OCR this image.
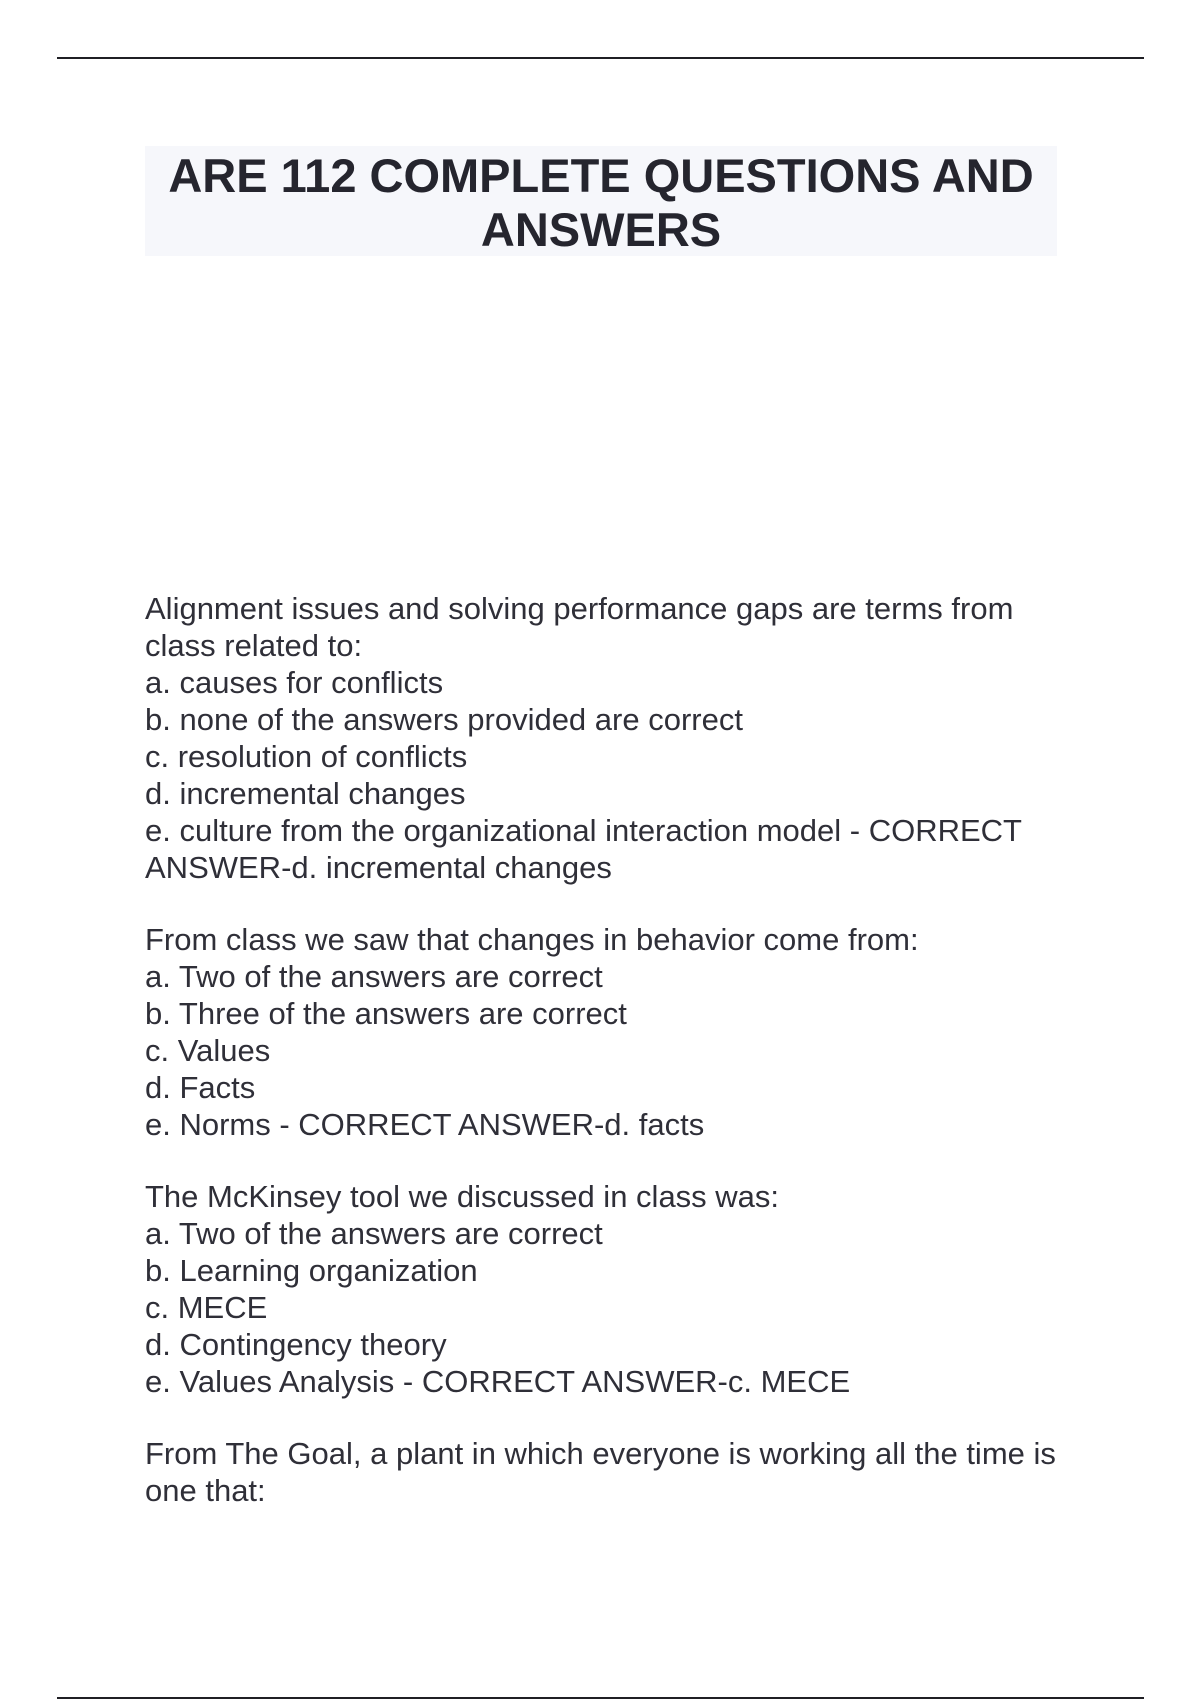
ARE 112 COMPLETE QUESTIONS AND ANSWERS

Alignment issues and solving performance gaps are terms from class related to:

a. causes for conflicts

b. none of the answers provided are correct

c. resolution of conflicts

d. incremental changes

e. culture from the organizational interaction model - CORRECT ANSWER-d. incremental changes

From class we saw that changes in behavior come from:

a. Two of the answers are correct

b. Three of the answers are correct

c. Values

d. Facts

e. Norms - CORRECT ANSWER-d. facts

The McKinsey tool we discussed in class was:

a. Two of the answers are correct

b. Learning organization

c. MECE

d. Contingency theory

e. Values Analysis - CORRECT ANSWER-c. MECE

From The Goal, a plant in which everyone is working all the time is one that:
